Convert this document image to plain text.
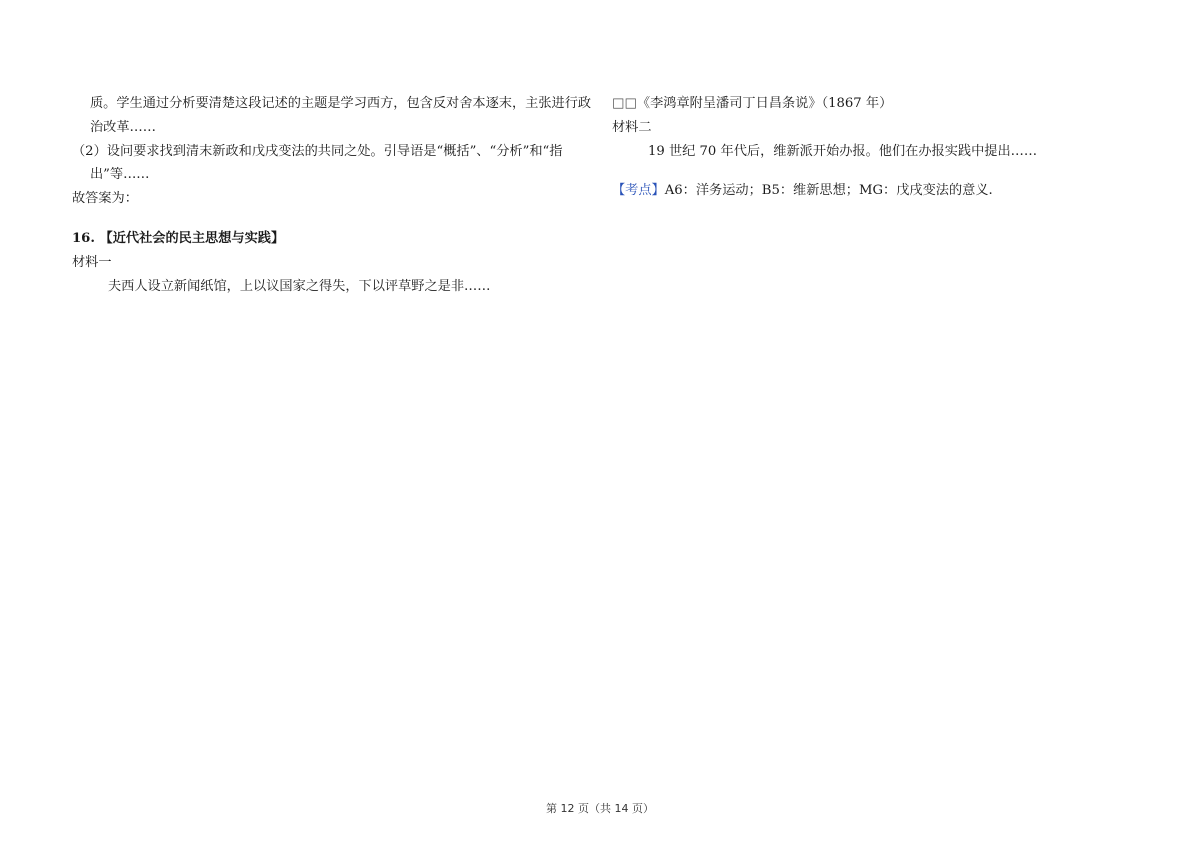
质。学生通过分析要清楚这段记述的主题是学习西方，包含反对舍本逐末，主张进行政治改革……

（2）设问要求找到清末新政和戊戌变法的共同之处。引导语是“概括”、“分析”和“指出”等……

故答案为：

16. 【近代社会的民主思想与实践】

材料一

夫西人设立新闻纸馆，上以议国家之得失，下以评草野之是非……

□□《李鸿章附呈潘司丁日昌条说》（1867 年）

材料二

19 世纪 70 年代后，维新派开始办报。他们在办报实践中提出……

【考点】A6：洋务运动；B5：维新思想；MG：戊戌变法的意义.

第 12 页（共 14 页）
